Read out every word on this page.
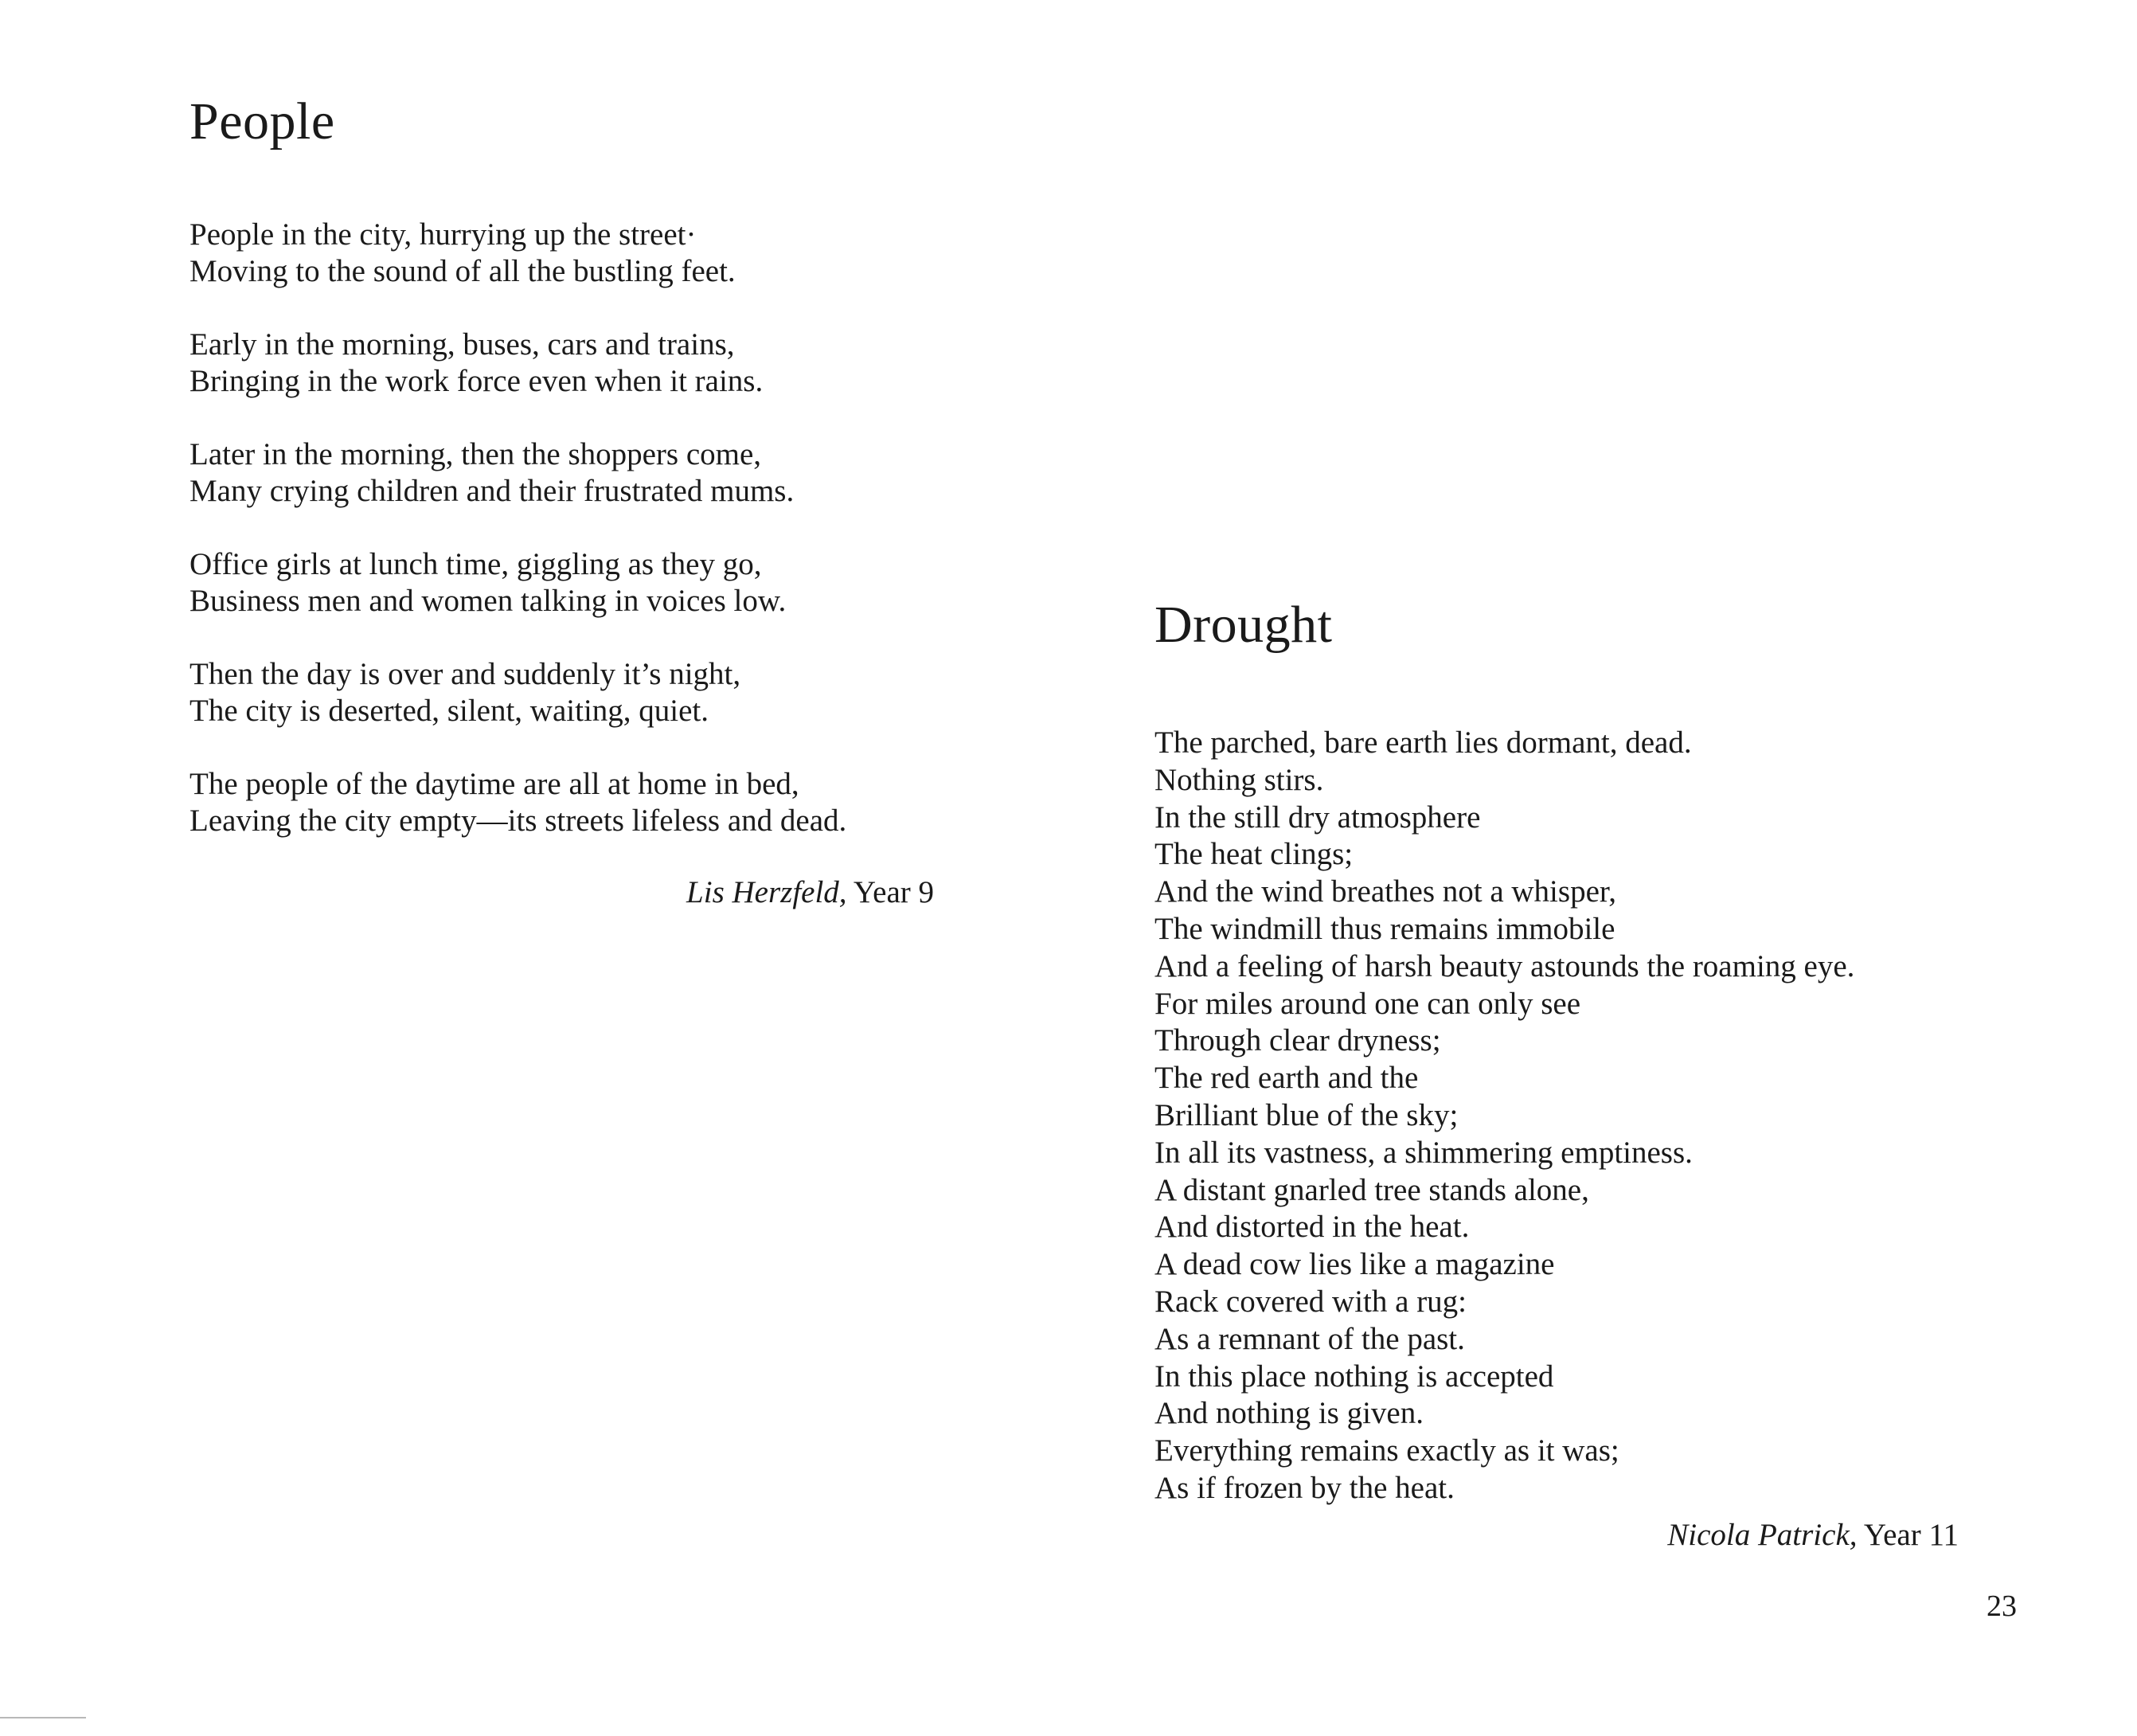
People
People in the city, hurrying up the street·
Moving to the sound of all the bustling feet.
Early in the morning, buses, cars and trains,
Bringing in the work force even when it rains.
Later in the morning, then the shoppers come,
Many crying children and their frustrated mums.
Office girls at lunch time, giggling as they go,
Business men and women talking in voices low.
Then the day is over and suddenly it’s night,
The city is deserted, silent, waiting, quiet.
The people of the daytime are all at home in bed,
Leaving the city empty—its streets lifeless and dead.
Lis Herzfeld, Year 9
Drought
The parched, bare earth lies dormant, dead.
Nothing stirs.
In the still dry atmosphere
The heat clings;
And the wind breathes not a whisper,
The windmill thus remains immobile
And a feeling of harsh beauty astounds the roaming eye.
For miles around one can only see
Through clear dryness;
The red earth and the
Brilliant blue of the sky;
In all its vastness, a shimmering emptiness.
A distant gnarled tree stands alone,
And distorted in the heat.
A dead cow lies like a magazine
Rack covered with a rug:
As a remnant of the past.
In this place nothing is accepted
And nothing is given.
Everything remains exactly as it was;
As if frozen by the heat.
Nicola Patrick, Year 11
23
